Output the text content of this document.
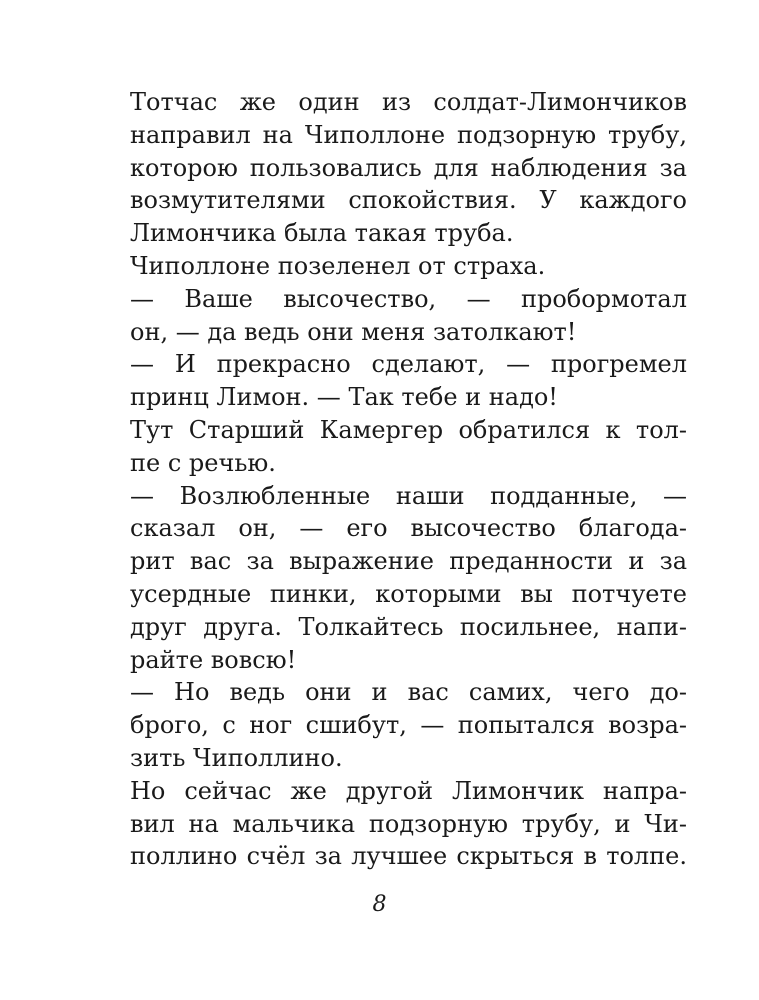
Тотчас же один из солдат-Лимончиков
направил на Чиполлоне подзорную трубу,
которою пользовались для наблюдения за
возмутителями спокойствия. У каждого
Лимончика была такая труба.
Чиполлоне позеленел от страха.
— Ваше высочество, — пробормотал
он, — да ведь они меня затолкают!
— И прекрасно сделают, — прогремел
принц Лимон. — Так тебе и надо!
Тут Старший Камергер обратился к тол-
пе с речью.
— Возлюбленные наши подданные, —
сказал он, — его высочество благода-
рит вас за выражение преданности и за
усердные пинки, которыми вы потчуете
друг друга. Толкайтесь посильнее, напи-
райте вовсю!
— Но ведь они и вас самих, чего до-
брого, с ног сшибут, — попытался возра-
зить Чиполлино.
Но сейчас же другой Лимончик напра-
вил на мальчика подзорную трубу, и Чи-
поллино счёл за лучшее скрыться в толпе.
8
